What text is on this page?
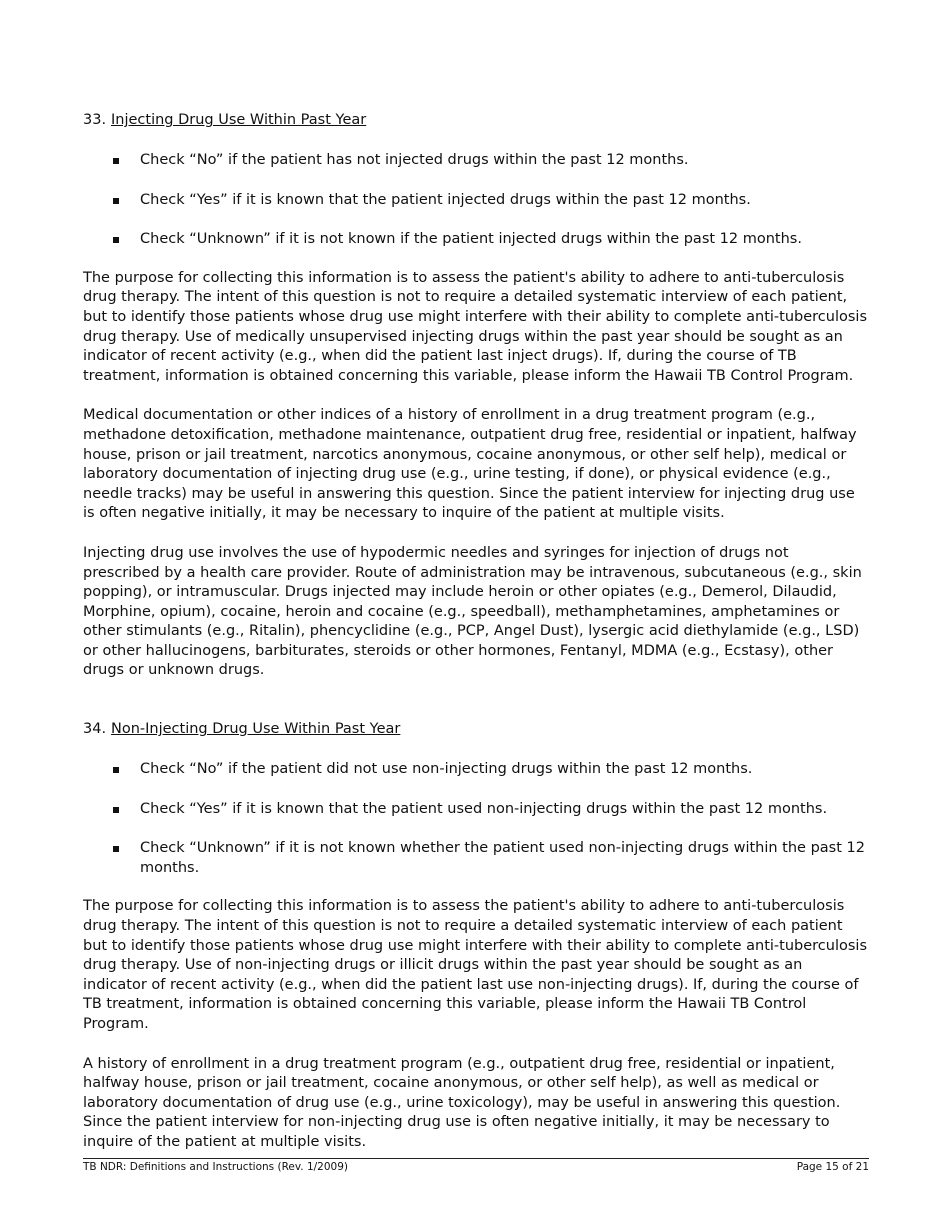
33. Injecting Drug Use Within Past Year

Check “No” if the patient has not injected drugs within the past 12 months.
Check “Yes” if it is known that the patient injected drugs within the past 12 months.
Check “Unknown” if it is not known if the patient injected drugs within the past 12 months.

The purpose for collecting this information is to assess the patient's ability to adhere to anti-tuberculosis drug therapy. The intent of this question is not to require a detailed systematic interview of each patient, but to identify those patients whose drug use might interfere with their ability to complete anti-tuberculosis drug therapy. Use of medically unsupervised injecting drugs within the past year should be sought as an indicator of recent activity (e.g., when did the patient last inject drugs). If, during the course of TB treatment, information is obtained concerning this variable, please inform the Hawaii TB Control Program.

Medical documentation or other indices of a history of enrollment in a drug treatment program (e.g., methadone detoxification, methadone maintenance, outpatient drug free, residential or inpatient, halfway house, prison or jail treatment, narcotics anonymous, cocaine anonymous, or other self help), medical or laboratory documentation of injecting drug use (e.g., urine testing, if done), or physical evidence (e.g., needle tracks) may be useful in answering this question. Since the patient interview for injecting drug use is often negative initially, it may be necessary to inquire of the patient at multiple visits.

Injecting drug use involves the use of hypodermic needles and syringes for injection of drugs not prescribed by a health care provider. Route of administration may be intravenous, subcutaneous (e.g., skin popping), or intramuscular. Drugs injected may include heroin or other opiates (e.g., Demerol, Dilaudid, Morphine, opium), cocaine, heroin and cocaine (e.g., speedball), methamphetamines, amphetamines or other stimulants (e.g., Ritalin), phencyclidine (e.g., PCP, Angel Dust), lysergic acid diethylamide (e.g., LSD) or other hallucinogens, barbiturates, steroids or other hormones, Fentanyl, MDMA (e.g., Ecstasy), other drugs or unknown drugs.

34. Non-Injecting Drug Use Within Past Year

Check “No” if the patient did not use non-injecting drugs within the past 12 months.
Check “Yes” if it is known that the patient used non-injecting drugs within the past 12 months.
Check “Unknown” if it is not known whether the patient used non-injecting drugs within the past 12 months.

The purpose for collecting this information is to assess the patient's ability to adhere to anti-tuberculosis drug therapy. The intent of this question is not to require a detailed systematic interview of each patient but to identify those patients whose drug use might interfere with their ability to complete anti-tuberculosis drug therapy. Use of non-injecting drugs or illicit drugs within the past year should be sought as an indicator of recent activity (e.g., when did the patient last use non-injecting drugs). If, during the course of TB treatment, information is obtained concerning this variable, please inform the Hawaii TB Control Program.

A history of enrollment in a drug treatment program (e.g., outpatient drug free, residential or inpatient, halfway house, prison or jail treatment, cocaine anonymous, or other self help), as well as medical or laboratory documentation of drug use (e.g., urine toxicology), may be useful in answering this question. Since the patient interview for non-injecting drug use is often negative initially, it may be necessary to inquire of the patient at multiple visits.

TB NDR: Definitions and Instructions (Rev. 1/2009)	Page 15 of 21
